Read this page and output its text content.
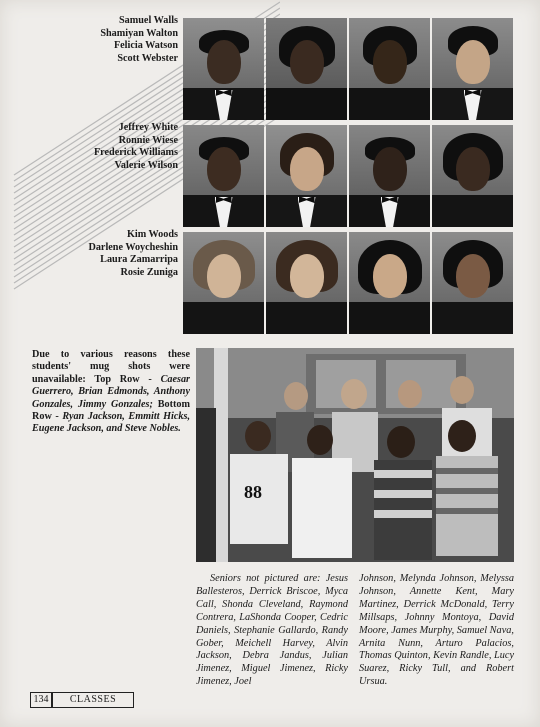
Samuel Walls
Shamiyan Walton
Felicia Watson
Scott Webster
Jeffrey White
Ronnie Wiese
Frederick Williams
Valerie Wilson
Kim Woods
Darlene Woycheshin
Laura Zamarripa
Rosie Zuniga
Due to various reasons these students' mug shots were unavailable: Top Row - Caesar Guerrero, Brian Edmonds, Anthony Gonzales, Jimmy Gonzales; Bottom Row - Ryan Jackson, Emmitt Hicks, Eugene Jackson, and Steve Nobles.
88
Seniors not pictured are: Jesus Ballesteros, Derrick Briscoe, Myca Call, Shonda Cleveland, Raymond Contrera, LaShonda Cooper, Cedric Daniels, Stephanie Gallardo, Randy Gober, Meichell Harvey, Alvin Jackson, Debra Jandus, Julian Jimenez, Miguel Jimenez, Ricky Jimenez, Joel
Johnson, Melynda Johnson, Melyssa Johnson, Annette Kent, Mary Martinez, Derrick McDonald, Terry Millsaps, Johnny Montoya, David Moore, James Murphy, Samuel Nava, Arnita Nunn, Arturo Palacios, Thomas Quinton, Kevin Randle, Lucy Suarez, Ricky Tull, and Robert Ursua.
134	CLASSES
